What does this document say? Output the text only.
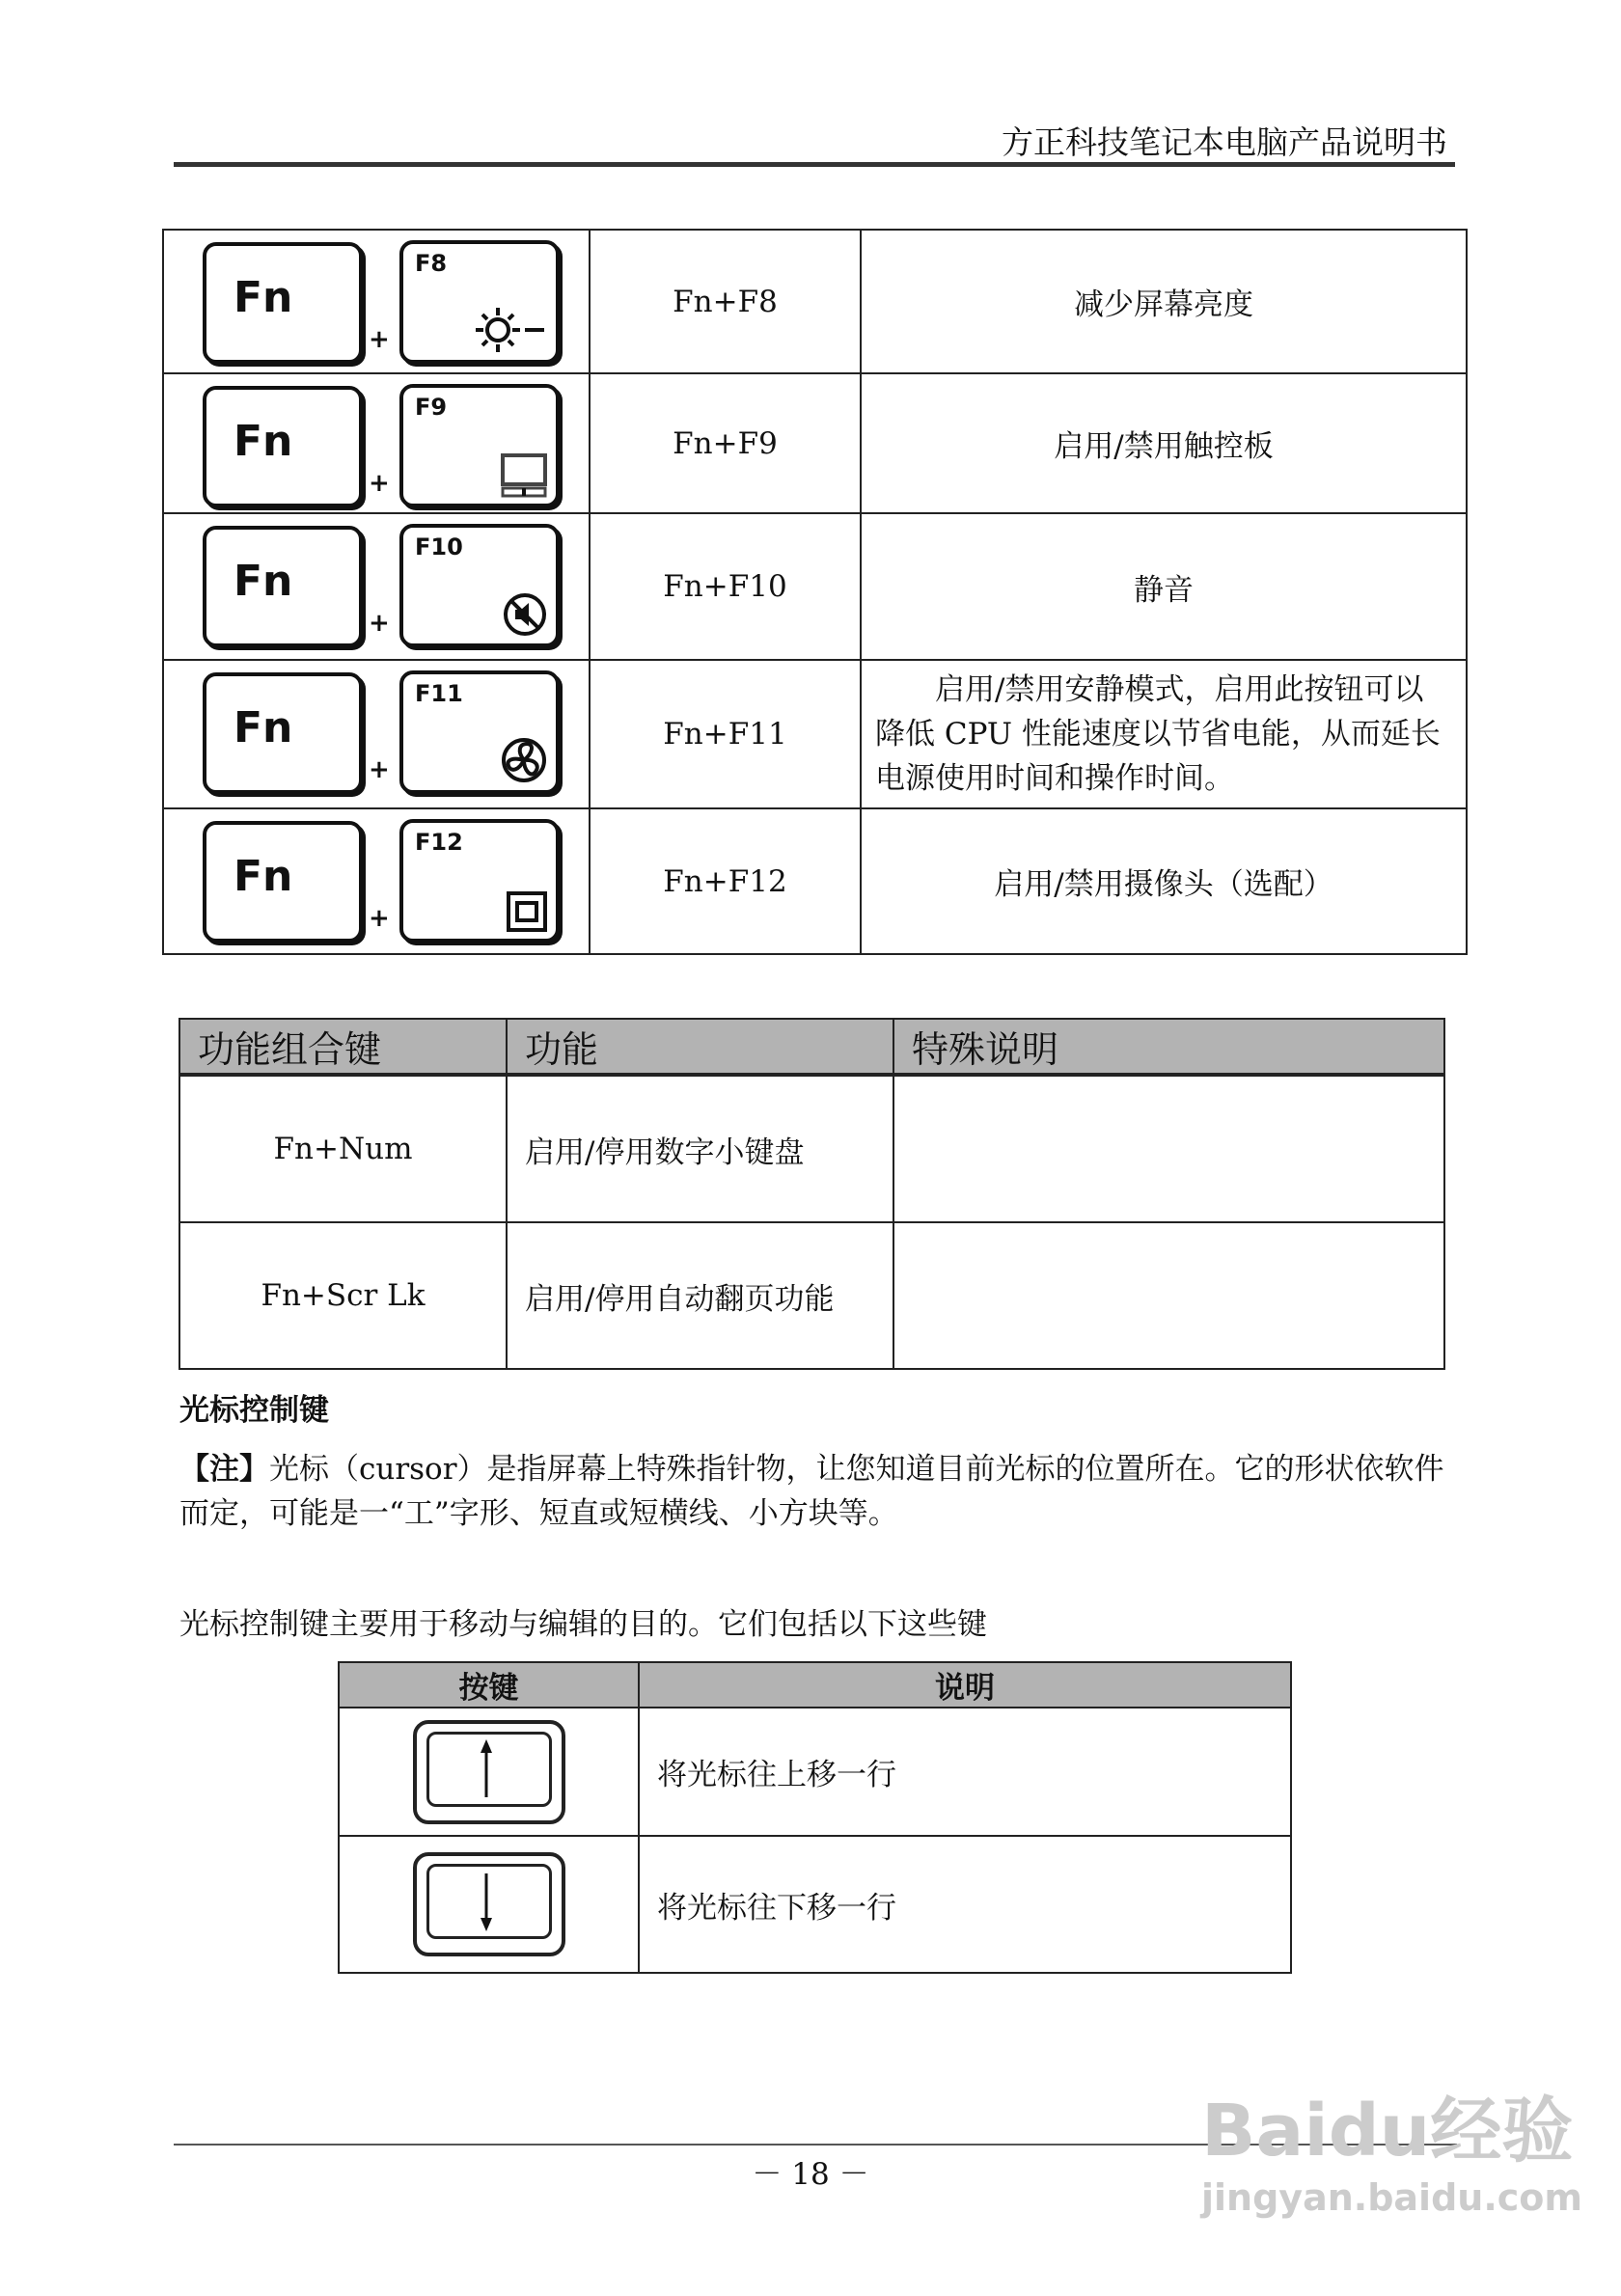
方正科技笔记本电脑产品说明书
Fn
+
F8	Fn+F8	减少屏幕亮度

Fn
+
F9	Fn+F9	启用/禁用触控板

Fn
+
F10	Fn+F10	静音

Fn
+
F11	Fn+F11	　　启用/禁用安静模式，启用此按钮可以降低 CPU 性能速度以节省电能，从而延长电源使用时间和操作时间。

Fn
+
F12	Fn+F12	启用/禁用摄像头（选配）
功能组合键	功能	特殊说明
Fn+Num	启用/停用数字小键盘	
Fn+Scr Lk	启用/停用自动翻页功能	
光标控制键
【注】光标（cursor）是指屏幕上特殊指针物，让您知道目前光标的位置所在。它的形状依软件而定，可能是一“工”字形、短直或短横线、小方块等。
光标控制键主要用于移动与编辑的目的。它们包括以下这些键
按键	说明

	将光标往上移一行

	将光标往下移一行
－ 18 －
Baidu经验
jingyan.baidu.com
